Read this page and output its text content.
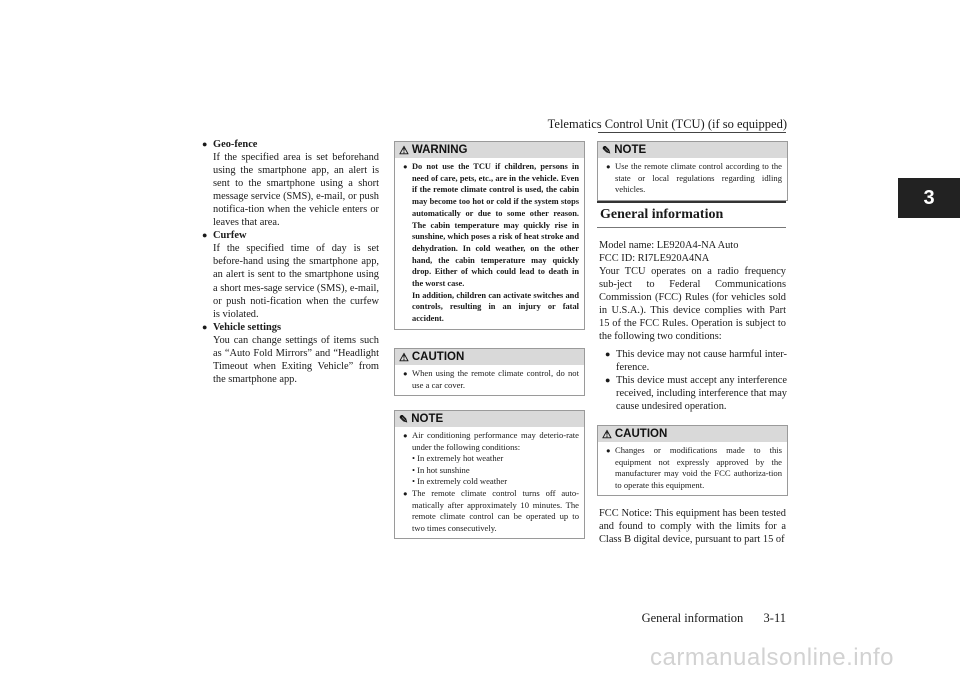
Telematics Control Unit (TCU) (if so equipped)
3
● Geo-fence
If the specified area is set beforehand using the smartphone app, an alert is sent to the smartphone using a short message service (SMS), e-mail, or push notifica-tion when the vehicle enters or leaves that area.
● Curfew
If the specified time of day is set before-hand using the smartphone app, an alert is sent to the smartphone using a short mes-sage service (SMS), e-mail, or push noti-fication when the curfew is violated.
● Vehicle settings
You can change settings of items such as “Auto Fold Mirrors” and “Headlight Timeout when Exiting Vehicle” from the smartphone app.
⚠ WARNING
● Do not use the TCU if children, persons in need of care, pets, etc., are in the vehicle. Even if the remote climate control is used, the cabin may become too hot or cold if the system stops automatically or due to some other reason. The cabin temperature may quickly rise in sunshine, which poses a risk of heat stroke and dehydration. In cold weather, on the other hand, the cabin temperature may quickly drop. Either of which could lead to death in the worst case.
In addition, children can activate switches and controls, resulting in an injury or fatal accident.
⚠ CAUTION
● When using the remote climate control, do not use a car cover.
✎ NOTE
● Air conditioning performance may deterio-rate under the following conditions:
• In extremely hot weather
• In hot sunshine
• In extremely cold weather
● The remote climate control turns off auto-matically after approximately 10 minutes. The remote climate control can be operated up to two times consecutively.
✎ NOTE
● Use the remote climate control according to the state or local regulations regarding idling vehicles.
General information
Model name: LE920A4-NA Auto
FCC ID: RI7LE920A4NA
Your TCU operates on a radio frequency sub-ject to Federal Communications Commission (FCC) Rules (for vehicles sold in U.S.A.). This device complies with Part 15 of the FCC Rules. Operation is subject to the following two conditions:
● This device may not cause harmful inter-ference.
● This device must accept any interference received, including interference that may cause undesired operation.
⚠ CAUTION
● Changes or modifications made to this equipment not expressly approved by the manufacturer may void the FCC authoriza-tion to operate this equipment.
FCC Notice: This equipment has been tested and found to comply with the limits for a Class B digital device, pursuant to part 15 of
General information 3-11
carmanualsonline.info
